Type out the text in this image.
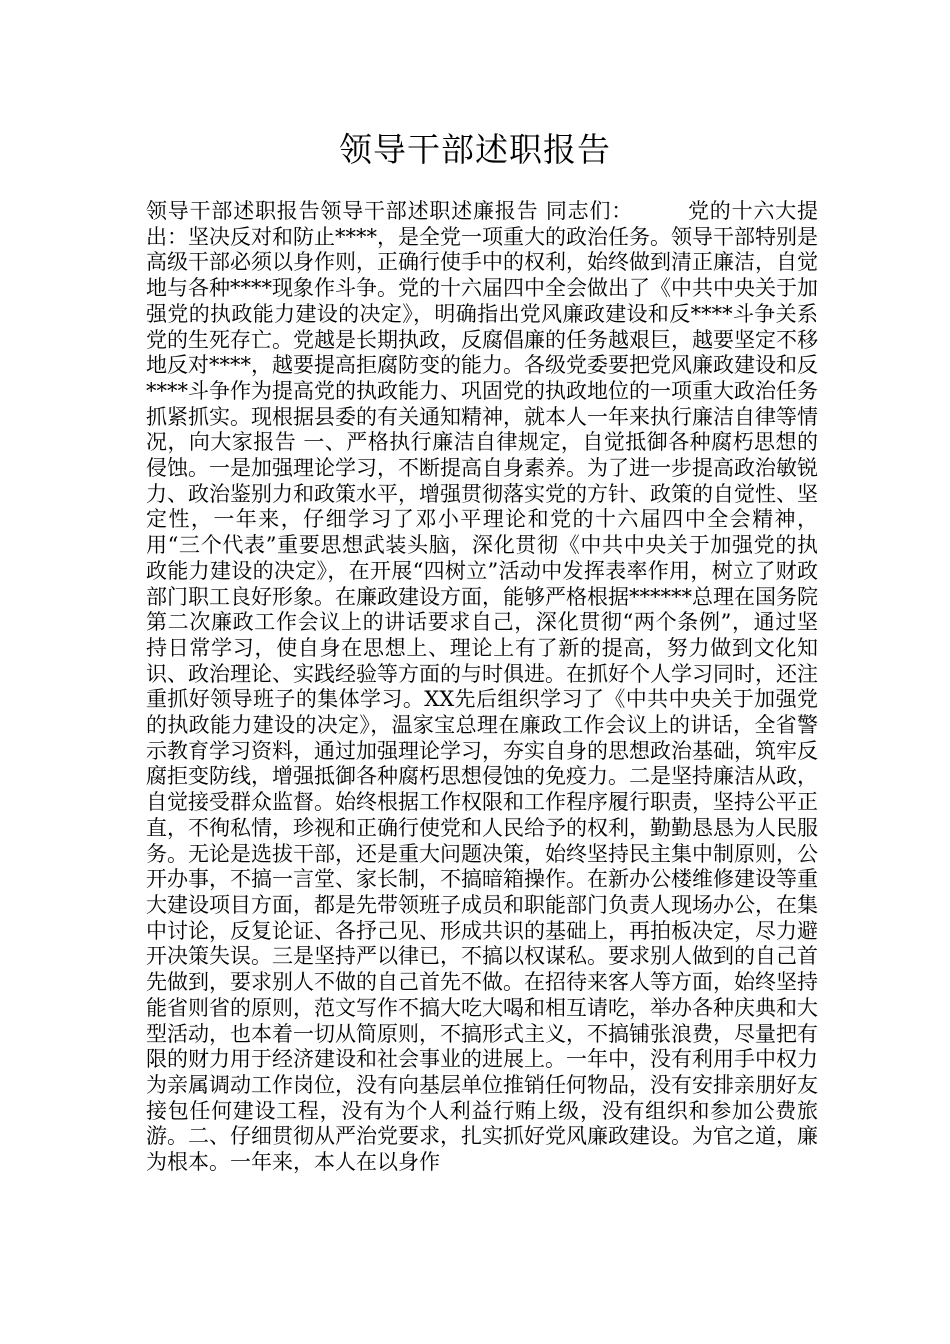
领导干部述职报告

领导干部述职报告领导干部述职述廉报告 同志们：　　　党的十六大提出：坚决反对和防止****，是全党一项重大的政治任务。领导干部特别是高级干部必须以身作则，正确行使手中的权利，始终做到清正廉洁，自觉地与各种****现象作斗争。党的十六届四中全会做出了《中共中央关于加强党的执政能力建设的决定》，明确指出党风廉政建设和反****斗争关系党的生死存亡。党越是长期执政，反腐倡廉的任务越艰巨，越要坚定不移地反对****，越要提高拒腐防变的能力。各级党委要把党风廉政建设和反****斗争作为提高党的执政能力、巩固党的执政地位的一项重大政治任务抓紧抓实。现根据县委的有关通知精神，就本人一年来执行廉洁自律等情况，向大家报告 一、严格执行廉洁自律规定，自觉抵御各种腐朽思想的侵蚀。一是加强理论学习，不断提高自身素养。为了进一步提高政治敏锐力、政治鉴别力和政策水平，增强贯彻落实党的方针、政策的自觉性、坚定性，一年来，仔细学习了邓小平理论和党的十六届四中全会精神，用“三个代表”重要思想武装头脑，深化贯彻《中共中央关于加强党的执政能力建设的决定》，在开展“四树立”活动中发挥表率作用，树立了财政部门职工良好形象。在廉政建设方面，能够严格根据******总理在国务院第二次廉政工作会议上的讲话要求自己，深化贯彻“两个条例”，通过坚持日常学习，使自身在思想上、理论上有了新的提高，努力做到文化知识、政治理论、实践经验等方面的与时俱进。在抓好个人学习同时，还注重抓好领导班子的集体学习。XX先后组织学习了《中共中央关于加强党的执政能力建设的决定》，温家宝总理在廉政工作会议上的讲话，全省警示教育学习资料，通过加强理论学习，夯实自身的思想政治基础，筑牢反腐拒变防线，增强抵御各种腐朽思想侵蚀的免疫力。二是坚持廉洁从政，自觉接受群众监督。始终根据工作权限和工作程序履行职责，坚持公平正直，不徇私情，珍视和正确行使党和人民给予的权利，勤勤恳恳为人民服务。无论是选拔干部，还是重大问题决策，始终坚持民主集中制原则，公开办事，不搞一言堂、家长制，不搞暗箱操作。在新办公楼维修建设等重大建设项目方面，都是先带领班子成员和职能部门负责人现场办公，在集中讨论，反复论证、各抒己见、形成共识的基础上，再拍板决定，尽力避开决策失误。三是坚持严以律已，不搞以权谋私。要求别人做到的自己首先做到，要求别人不做的自己首先不做。在招待来客人等方面，始终坚持能省则省的原则，范文写作不搞大吃大喝和相互请吃，举办各种庆典和大型活动，也本着一切从简原则，不搞形式主义，不搞铺张浪费，尽量把有限的财力用于经济建设和社会事业的进展上。一年中，没有利用手中权力为亲属调动工作岗位，没有向基层单位推销任何物品，没有安排亲朋好友接包任何建设工程，没有为个人利益行贿上级，没有组织和参加公费旅游。二、仔细贯彻从严治党要求，扎实抓好党风廉政建设。为官之道，廉为根本。一年来，本人在以身作
